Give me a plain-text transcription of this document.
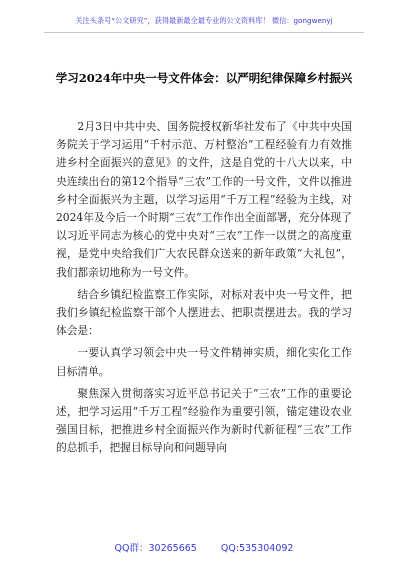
关注头条号“公文研究”，获得最新最全最专业的公文资料库！ 微信：gongwenyj
学习2024年中央一号文件体会：以严明纪律保障乡村振兴

2月3日中共中央、国务院授权新华社发布了《中共中央国务院关于学习运用“千村示范、万村整治”工程经验有力有效推进乡村全面振兴的意见》的文件，这是自党的十八大以来，中央连续出台的第12个指导“三农”工作的一号文件，文件以推进乡村全面振兴为主题，以学习运用“千万工程”经验为主线，对2024年及今后一个时期“三农”工作作出全面部署，充分体现了以习近平同志为核心的党中央对“三农”工作一以贯之的高度重视，是党中央给我们广大农民群众送来的新年政策“大礼包”，我们都亲切地称为一号文件。

结合乡镇纪检监察工作实际，对标对表中央一号文件，把我们乡镇纪检监察干部个人摆进去、把职责摆进去。我的学习体会是：

一要认真学习领会中央一号文件精神实质，细化实化工作目标清单。

聚焦深入贯彻落实习近平总书记关于“三农”工作的重要论述，把学习运用“千万工程”经验作为重要引领，锚定建设农业强国目标，把推进乡村全面振兴作为新时代新征程“三农”工作的总抓手，把握目标导向和问题导向

QQ群：30265665	QQ:535304092
